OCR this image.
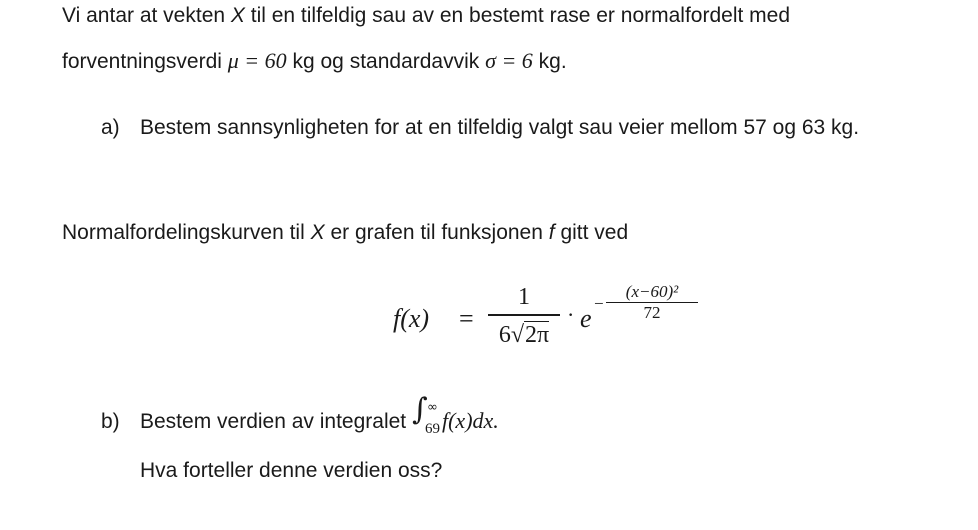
Vi antar at vekten X til en tilfeldig sau av en bestemt rase er normalfordelt med
forventningsverdi μ = 60 kg og standardavvik σ = 6 kg.
a) Bestem sannsynligheten for at en tilfeldig valgt sau veier mellom 57 og 63 kg.
Normalfordelingskurven til X er grafen til funksjonen f gitt ved
f(x) =
1
6√2π
· e
−
(x−60)²
72
b) Bestem verdien av integralet ∫ ∞
69 f(x)dx.
Hva forteller denne verdien oss?
